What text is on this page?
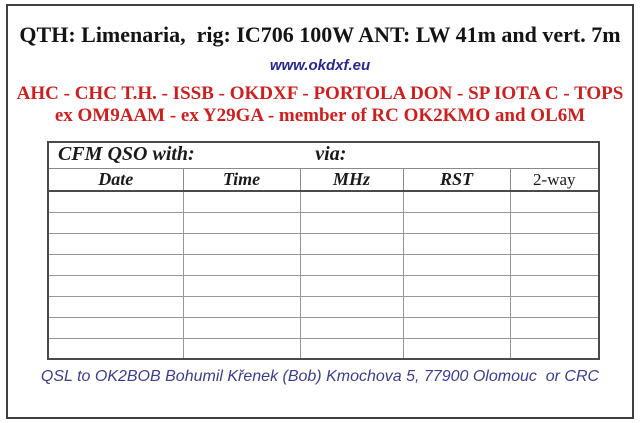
QTH: Limenaria,  rig: IC706 100W ANT: LW 41m and vert. 7m
www.okdxf.eu
AHC - CHC T.H. - ISSB - OKDXF - PORTOLA DON - SP IOTA C - TOPS
ex OM9AAM - ex Y29GA - member of RC OK2KMO and OL6M
CFM QSO with: via:				

Date	Time	MHz	RST	2-way

QSL to OK2BOB Bohumil Křenek (Bob) Kmochova 5, 77900 Olomouc  or CRC
